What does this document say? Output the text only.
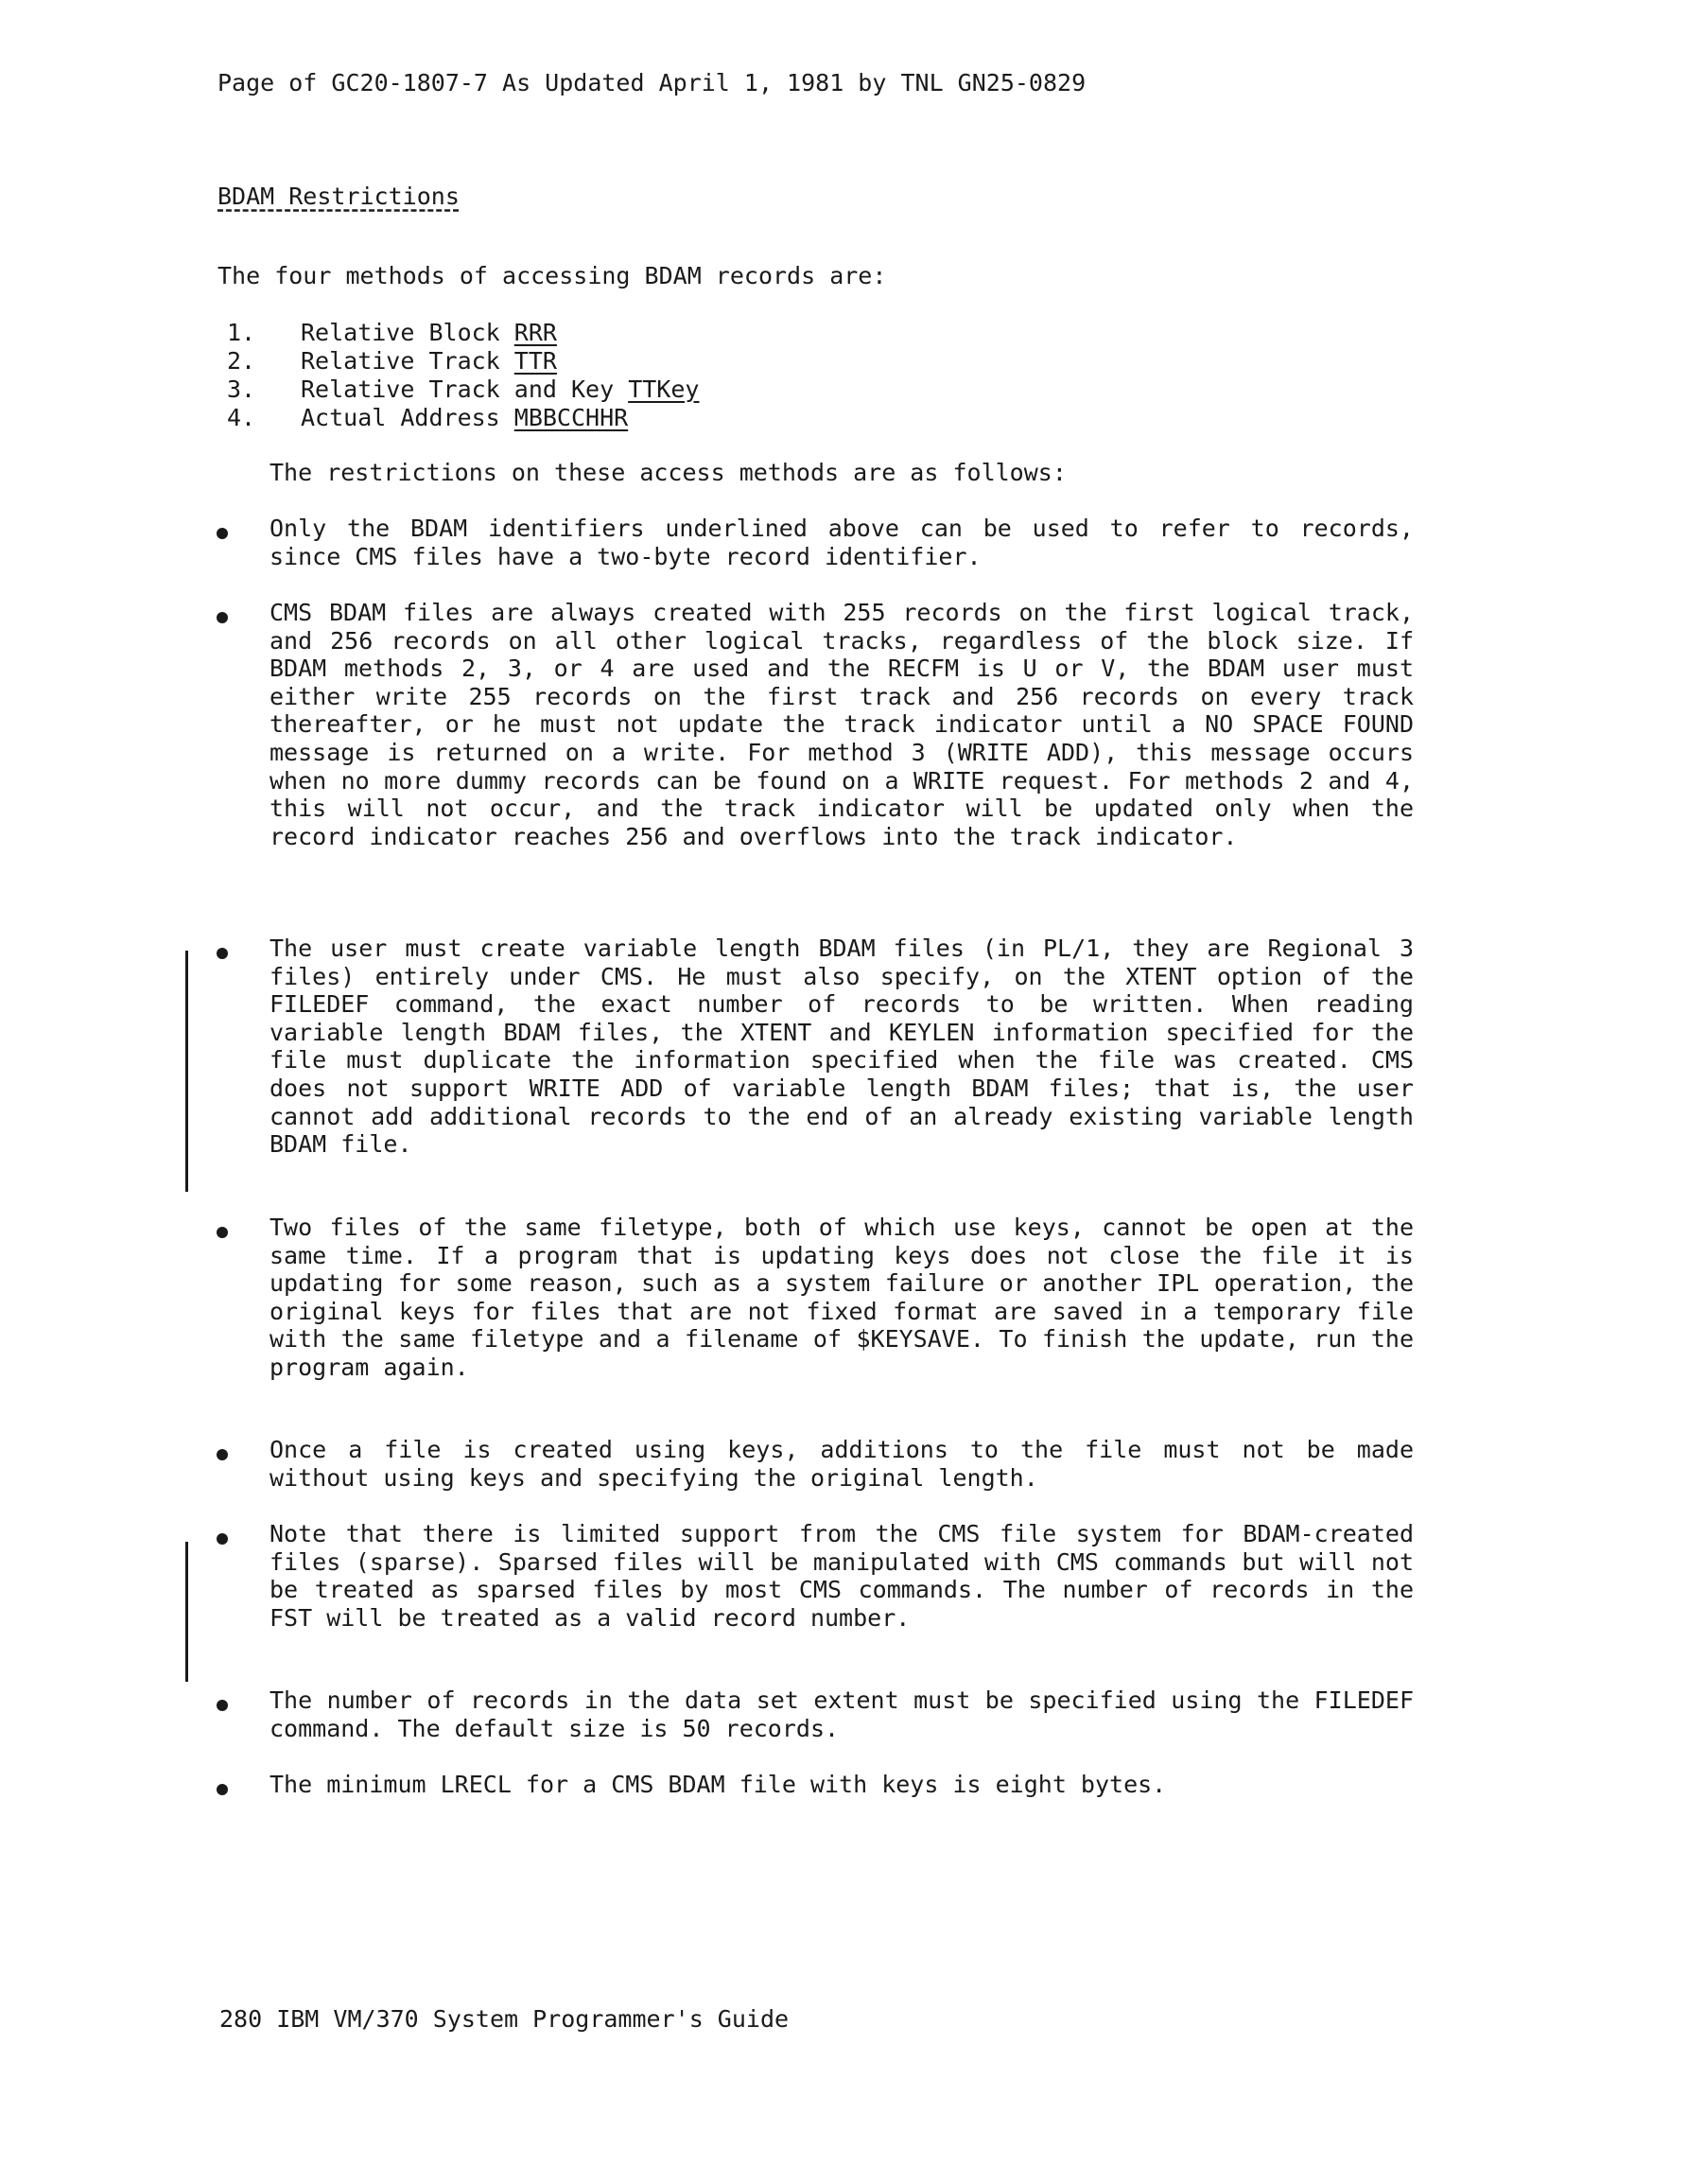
Page of GC20-1807-7 As Updated April 1, 1981 by TNL GN25-0829
BDAM Restrictions
The four methods of accessing BDAM records are:
1. Relative Block RRR
2. Relative Track TTR
3. Relative Track and Key TTKey
4. Actual Address MBBCCHHR
The restrictions on these access methods are as follows:

Only the BDAM identifiers underlined above can be used to refer to records, since CMS files have a two-byte record identifier.

CMS BDAM files are always created with 255 records on the first logical track, and 256 records on all other logical tracks, regardless of the block size. If BDAM methods 2, 3, or 4 are used and the RECFM is U or V, the BDAM user must either write 255 records on the first track and 256 records on every track thereafter, or he must not update the track indicator until a NO SPACE FOUND message is returned on a write. For method 3 (WRITE ADD), this message occurs when no more dummy records can be found on a WRITE request. For methods 2 and 4, this will not occur, and the track indicator will be updated only when the record indicator reaches 256 and overflows into the track indicator.

The user must create variable length BDAM files (in PL/1, they are Regional 3 files) entirely under CMS. He must also specify, on the XTENT option of the FILEDEF command, the exact number of records to be written. When reading variable length BDAM files, the XTENT and KEYLEN information specified for the file must duplicate the information specified when the file was created. CMS does not support WRITE ADD of variable length BDAM files; that is, the user cannot add additional records to the end of an already existing variable length BDAM file.

Two files of the same filetype, both of which use keys, cannot be open at the same time. If a program that is updating keys does not close the file it is updating for some reason, such as a system failure or another IPL operation, the original keys for files that are not fixed format are saved in a temporary file with the same filetype and a filename of $KEYSAVE. To finish the update, run the program again.

Once a file is created using keys, additions to the file must not be made without using keys and specifying the original length.

Note that there is limited support from the CMS file system for BDAM-created files (sparse). Sparsed files will be manipulated with CMS commands but will not be treated as sparsed files by most CMS commands. The number of records in the FST will be treated as a valid record number.

The number of records in the data set extent must be specified using the FILEDEF command. The default size is 50 records.

The minimum LRECL for a CMS BDAM file with keys is eight bytes.

280 IBM VM/370 System Programmer's Guide
